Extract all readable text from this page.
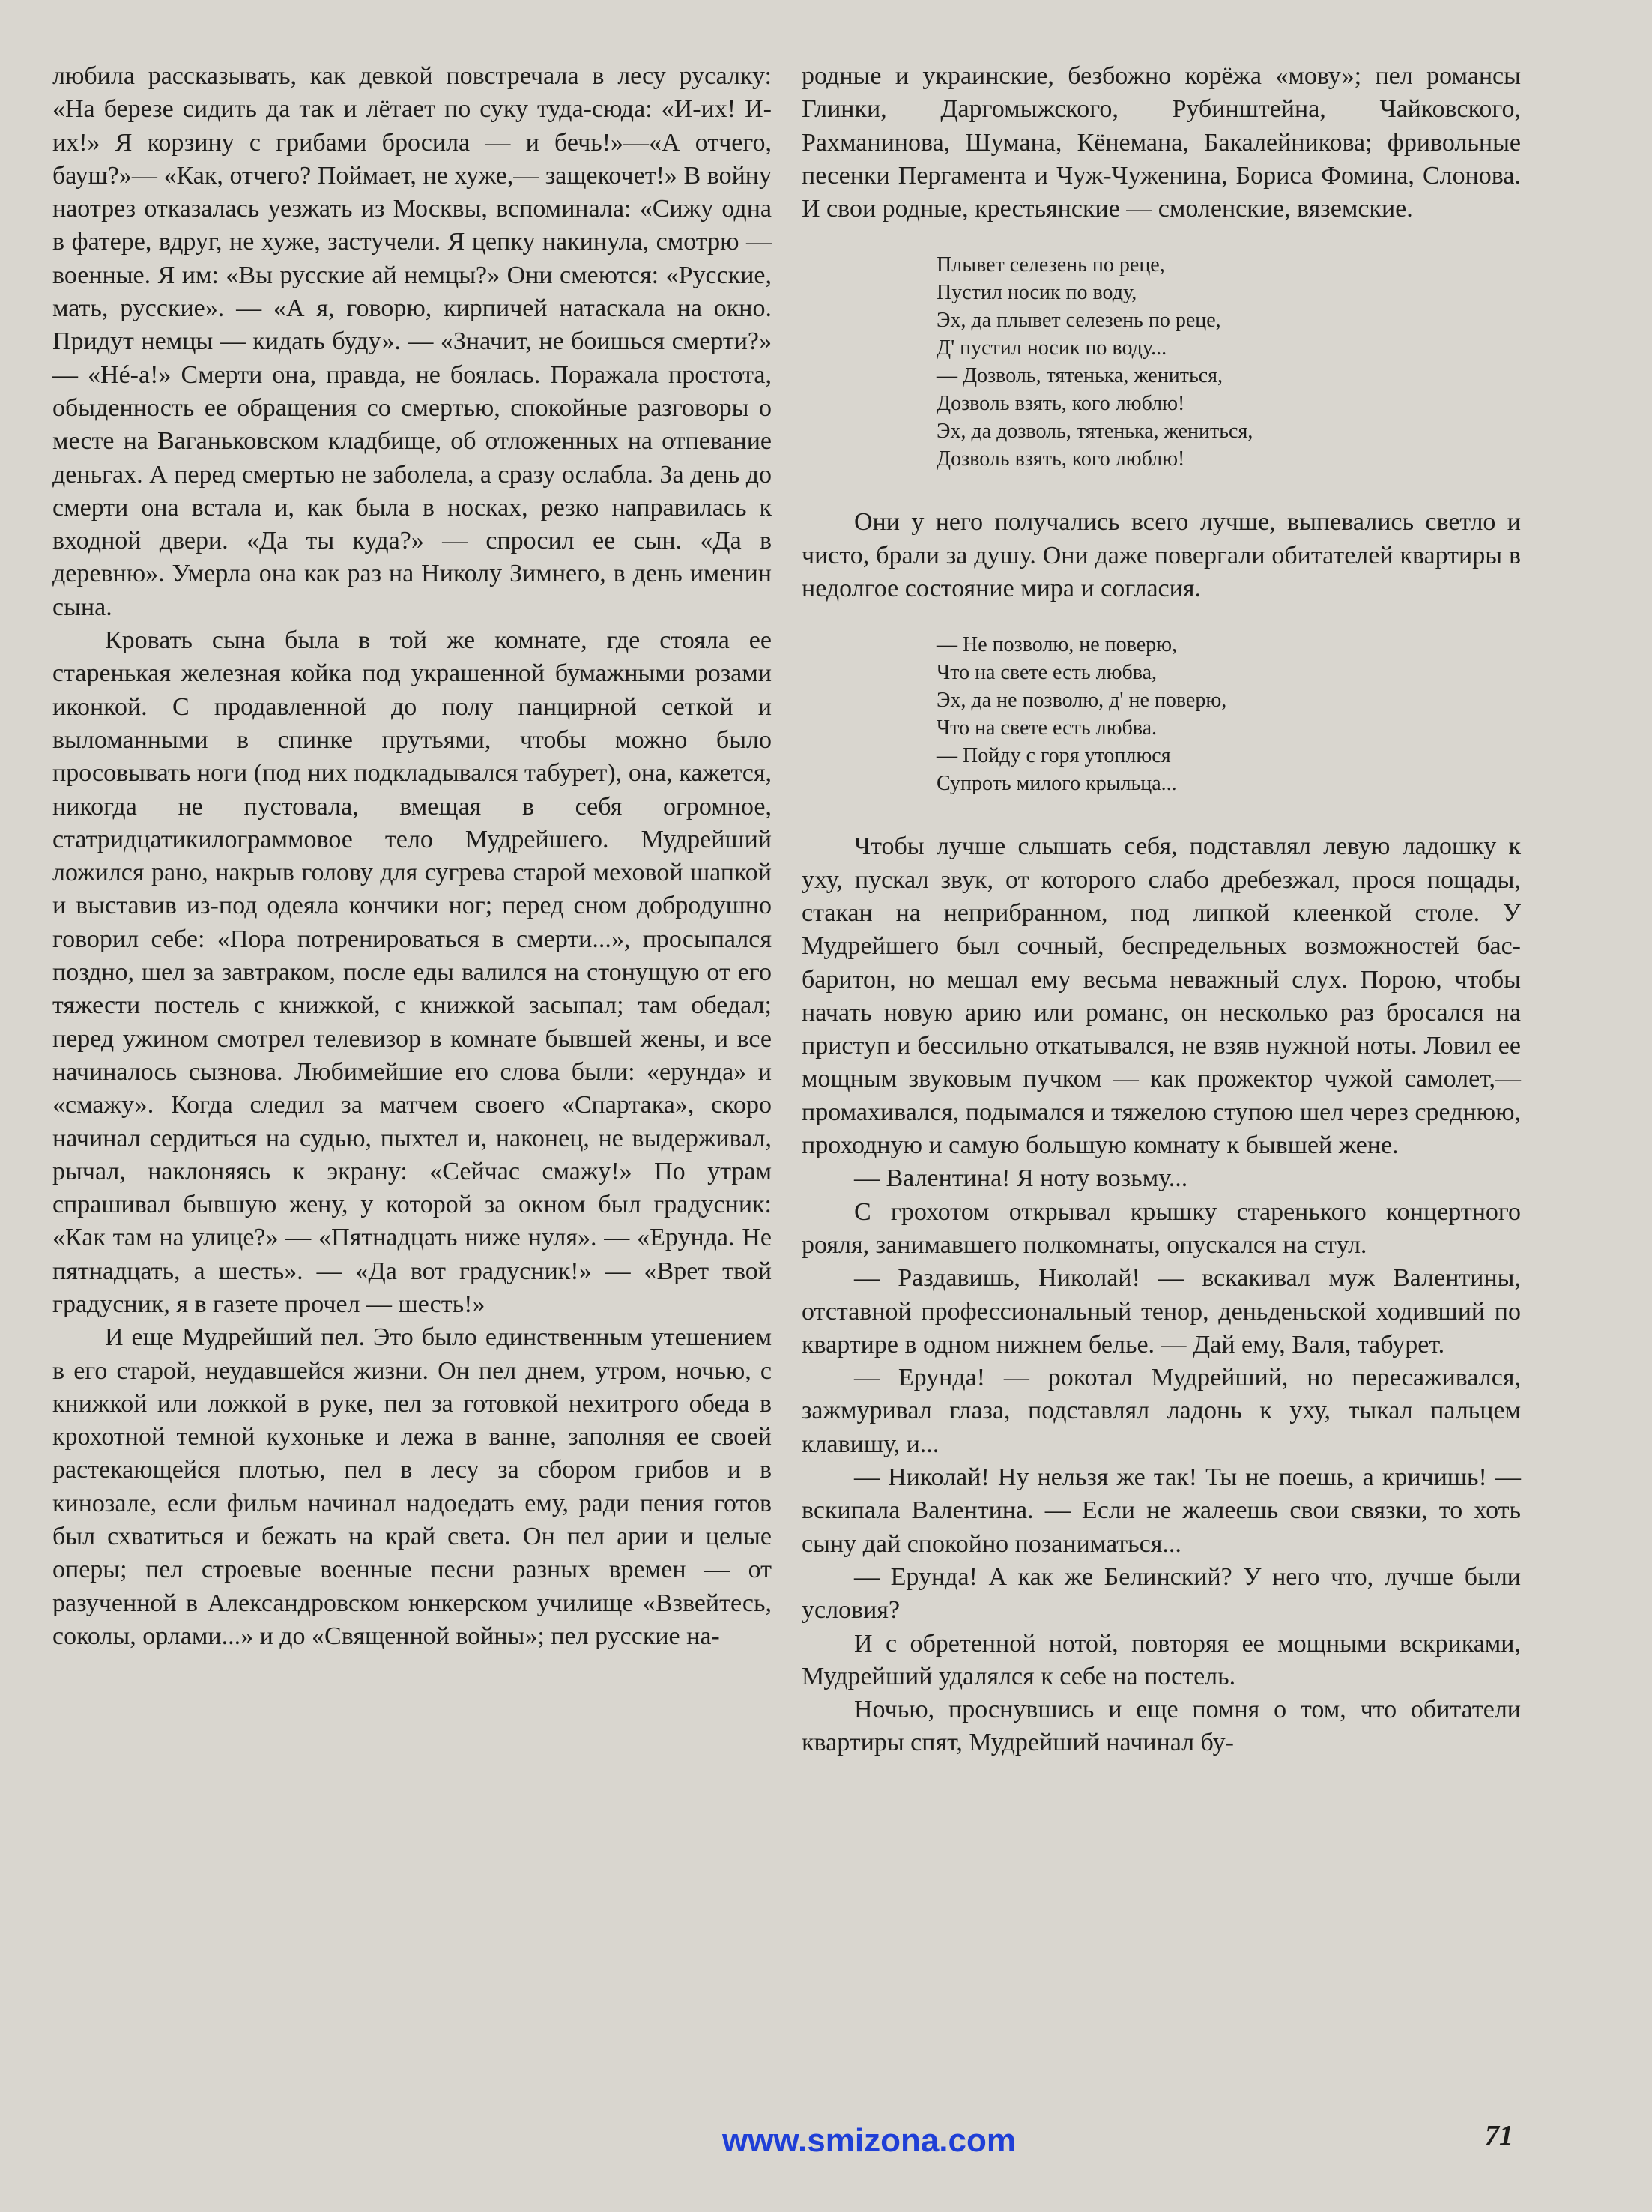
любила рассказывать, как девкой повстречала в лесу русалку: «На березе сидить да так и лётает по суку туда-сюда: «И-их! И-их!» Я корзину с грибами бросила — и бечь!»—«А отчего, бауш?»— «Как, отчего? Поймает, не хуже,— защекочет!» В войну наотрез отказалась уезжать из Москвы, вспоминала: «Сижу одна в фатере, вдруг, не хуже, застучели. Я цепку накинула, смотрю — военные. Я им: «Вы русские ай немцы?» Они смеются: «Русские, мать, русские». — «А я, говорю, кирпичей натаскала на окно. Придут немцы — кидать буду». — «Значит, не боишься смерти?» — «Нé-а!» Смерти она, правда, не боялась. Поражала простота, обыденность ее обращения со смертью, спокойные разговоры о месте на Ваганьковском кладбище, об отложенных на отпевание деньгах. А перед смертью не заболела, а сразу ослабла. За день до смерти она встала и, как была в носках, резко направилась к входной двери. «Да ты куда?» — спросил ее сын. «Да в деревню». Умерла она как раз на Николу Зимнего, в день именин сына.

Кровать сына была в той же комнате, где стояла ее старенькая железная койка под украшенной бумажными розами иконкой. С продавленной до полу панцирной сеткой и выломанными в спинке прутьями, чтобы можно было просовывать ноги (под них подкладывался табурет), она, кажется, никогда не пустовала, вмещая в себя огромное, статридцатикилограммовое тело Мудрейшего. Мудрейший ложился рано, накрыв голову для сугрева старой меховой шапкой и выставив из-под одеяла кончики ног; перед сном добродушно говорил себе: «Пора потренироваться в смерти...», просыпался поздно, шел за завтраком, после еды валился на стонущую от его тяжести постель с книжкой, с книжкой засыпал; там обедал; перед ужином смотрел телевизор в комнате бывшей жены, и все начиналось сызнова. Любимейшие его слова были: «ерунда» и «смажу». Когда следил за матчем своего «Спартака», скоро начинал сердиться на судью, пыхтел и, наконец, не выдерживал, рычал, наклоняясь к экрану: «Сейчас смажу!» По утрам спрашивал бывшую жену, у которой за окном был градусник: «Как там на улице?» — «Пятнадцать ниже нуля». — «Ерунда. Не пятнадцать, а шесть». — «Да вот градусник!» — «Врет твой градусник, я в газете прочел — шесть!»

И еще Мудрейший пел. Это было единственным утешением в его старой, неудавшейся жизни. Он пел днем, утром, ночью, с книжкой или ложкой в руке, пел за готовкой нехитрого обеда в крохотной темной кухоньке и лежа в ванне, заполняя ее своей растекающейся плотью, пел в лесу за сбором грибов и в кинозале, если фильм начинал надоедать ему, ради пения готов был схватиться и бежать на край света. Он пел арии и целые оперы; пел строевые военные песни разных времен — от разученной в Александровском юнкерском училище «Взвейтесь, соколы, орлами...» и до «Священной войны»; пел русские на-

родные и украинские, безбожно корёжа «мову»; пел романсы Глинки, Даргомыжского, Рубинштейна, Чайковского, Рахманинова, Шумана, Кёнемана, Бакалейникова; фривольные песенки Пергамента и Чуж-Чуженина, Бориса Фомина, Слонова. И свои родные, крестьянские — смоленские, вяземские.

Плывет селезень по реце,
Пустил носик по воду,
Эх, да плывет селезень по реце,
Д' пустил носик по воду...
— Дозволь, тятенька, жениться,
Дозволь взять, кого люблю!
Эх, да дозволь, тятенька, жениться,
Дозволь взять, кого люблю!

Они у него получались всего лучше, выпевались светло и чисто, брали за душу. Они даже повергали обитателей квартиры в недолгое состояние мира и согласия.

— Не позволю, не поверю,
Что на свете есть любва,
Эх, да не позволю, д' не поверю,
Что на свете есть любва.
— Пойду с горя утоплюся
Супроть милого крыльца...

Чтобы лучше слышать себя, подставлял левую ладошку к уху, пускал звук, от которого слабо дребезжал, прося пощады, стакан на неприбранном, под липкой клеенкой столе. У Мудрейшего был сочный, беспредельных возможностей бас-баритон, но мешал ему весьма неважный слух. Порою, чтобы начать новую арию или романс, он несколько раз бросался на приступ и бессильно откатывался, не взяв нужной ноты. Ловил ее мощным звуковым пучком — как прожектор чужой самолет,— промахивался, подымался и тяжелою ступою шел через среднюю, проходную и самую большую комнату к бывшей жене.

— Валентина! Я ноту возьму...

С грохотом открывал крышку старенького концертного рояля, занимавшего полкомнаты, опускался на стул.

— Раздавишь, Николай! — вскакивал муж Валентины, отставной профессиональный тенор, деньденьской ходивший по квартире в одном нижнем белье. — Дай ему, Валя, табурет.

— Ерунда! — рокотал Мудрейший, но пересаживался, зажмуривал глаза, подставлял ладонь к уху, тыкал пальцем клавишу, и...

— Николай! Ну нельзя же так! Ты не поешь, а кричишь! — вскипала Валентина. — Если не жалеешь свои связки, то хоть сыну дай спокойно позаниматься...

— Ерунда! А как же Белинский? У него что, лучше были условия?

И с обретенной нотой, повторяя ее мощными вскриками, Мудрейший удалялся к себе на постель.

Ночью, проснувшись и еще помня о том, что обитатели квартиры спят, Мудрейший начинал бу-

www.smizona.com	71
